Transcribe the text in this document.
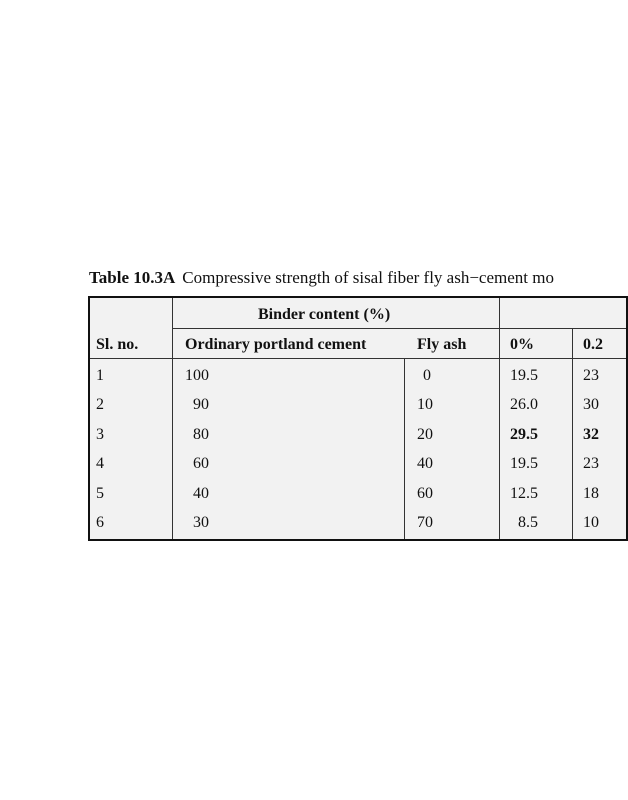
Table 10.3A Compressive strength of sisal fiber fly ash−cement mo
Binder content (%)
Sl. no.	Ordinary portland cement	Fly ash	0%	0.2
1	100	0	19.5	23
2	90	10	26.0	30
3	80	20	29.5	32
4	60	40	19.5	23
5	40	60	12.5	18
6	30	70	8.5	10
